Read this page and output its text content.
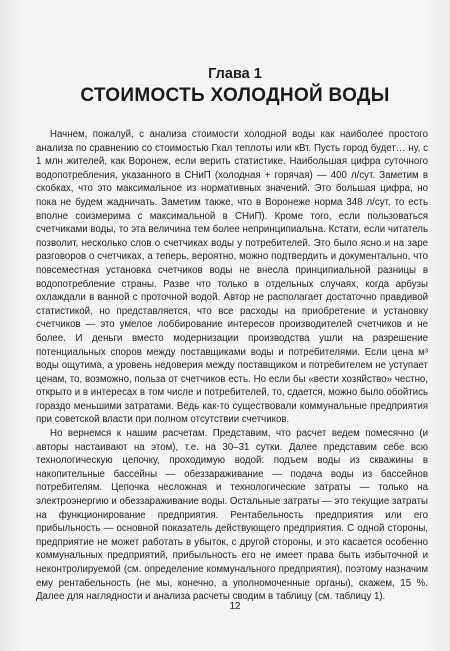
Глава 1
СТОИМОСТЬ ХОЛОДНОЙ ВОДЫ

Начнем, пожалуй, с анализа стоимости холодной воды как наиболее простого анализа по сравнению со стоимостью Гкал теплоты или кВт. Пусть город будет… ну, с 1 млн жителей, как Воронеж, если верить статистике. Наибольшая цифра суточного водопотребления, указанного в СНиП (холодная + горячая) — 400 л/сут. Заметим в скобках, что это максимальное из нормативных значений. Это большая цифра, но пока не будем жадничать. Заметим также, что в Воронеже норма 348 л/сут, то есть вполне соизмерима с максимальной в СНиП). Кроме того, если пользоваться счетчиками воды, то эта величина тем более непринципиальна. Кстати, если читатель позволит, несколько слов о счетчиках воды у потребителей. Это было ясно и на заре разговоров о счетчиках, а теперь, вероятно, можно подтвердить и документально, что повсеместная установка счетчиков воды не внесла принципиальной разницы в водопотребление страны. Разве что только в отдельных случаях, когда арбузы охлаждали в ванной с проточной водой. Автор не располагает достаточно правдивой статистикой, но представляется, что все расходы на приобретение и установку счетчиков — это умелое лоббирование интересов производителей счетчиков и не более. И деньги вместо модернизации производства ушли на разрешение потенциальных споров между поставщиками воды и потребителями. Если цена м³ воды ощутима, а уровень недоверия между поставщиком и потребителем не уступает ценам, то, возможно, польза от счетчиков есть. Но если бы «вести хозяйство» честно, открыто и в интересах в том числе и потребителей, то, сдается, можно было обойтись гораздо меньшими затратами. Ведь как-то существовали коммунальные предприятия при советской власти при полном отсутствии счетчиков.

Но вернемся к нашим расчетам. Представим, что расчет ведем помесячно (и авторы настаивают на этом), т.е. на 30–31 сутки. Далее представим себе всю технологическую цепочку, проходимую водой: подъем воды из скважины в накопительные бассейны — обеззараживание — подача воды из бассейнов потребителям. Цепочка несложная и технологические затраты — только на электроэнергию и обеззараживание воды. Остальные затраты — это текущие затраты на функционирование предприятия. Рентабельность предприятия или его прибыльность — основной показатель действующего предприятия. С одной стороны, предприятие не может работать в убыток, с другой стороны, и это касается особенно коммунальных предприятий, прибыльность его не имеет права быть избыточной и неконтролируемой (см. определение коммунального предприятия), поэтому назначим ему рентабельность (не мы, конечно, а уполномоченные органы), скажем, 15 %. Далее для наглядности и анализа расчеты сводим в таблицу (см. таблицу 1).

12
